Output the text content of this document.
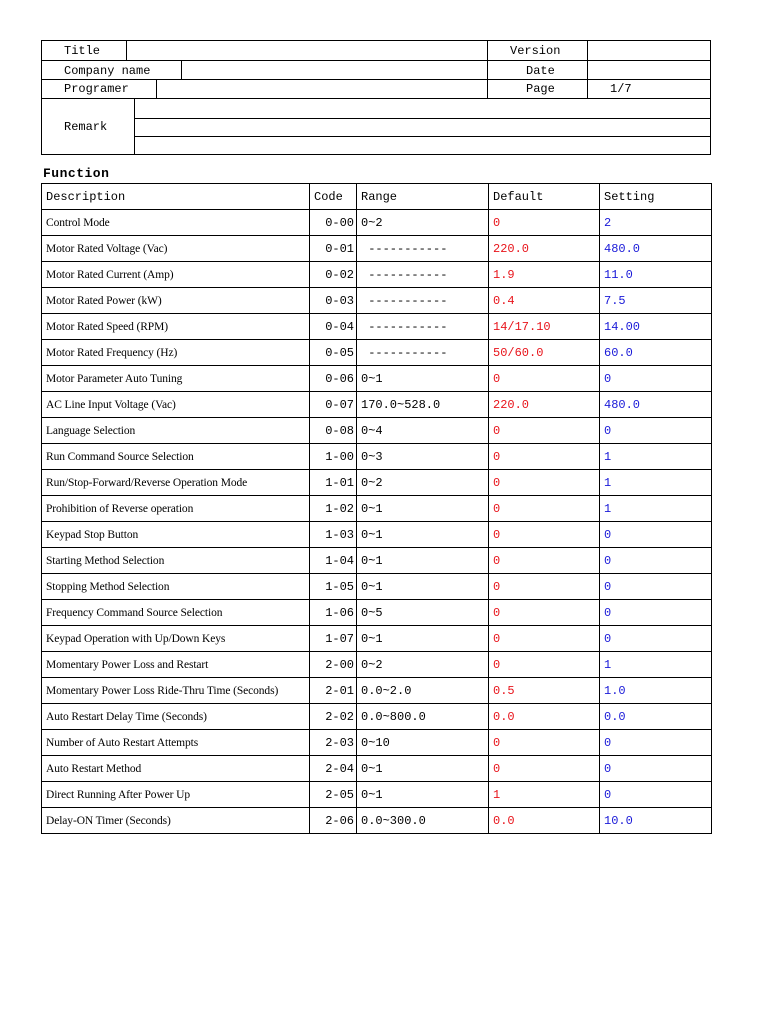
Title	Version
Company name	Date
Programer	Page	1/7
Remark
Function
Description	Code	Range	Default	Setting
Control Mode	0-00	0~2	0	2
Motor Rated Voltage (Vac)	0-01	-----------	220.0	480.0
Motor Rated Current (Amp)	0-02	-----------	1.9	11.0
Motor Rated Power (kW)	0-03	-----------	0.4	7.5
Motor Rated Speed (RPM)	0-04	-----------	14/17.10	14.00
Motor Rated Frequency (Hz)	0-05	-----------	50/60.0	60.0
Motor Parameter Auto Tuning	0-06	0~1	0	0
AC Line Input Voltage (Vac)	0-07	170.0~528.0	220.0	480.0
Language Selection	0-08	0~4	0	0
Run Command Source Selection	1-00	0~3	0	1
Run/Stop-Forward/Reverse Operation Mode	1-01	0~2	0	1
Prohibition of Reverse operation	1-02	0~1	0	1
Keypad Stop Button	1-03	0~1	0	0
Starting Method Selection	1-04	0~1	0	0
Stopping Method Selection	1-05	0~1	0	0
Frequency Command Source Selection	1-06	0~5	0	0
Keypad Operation with Up/Down Keys	1-07	0~1	0	0
Momentary Power Loss and Restart	2-00	0~2	0	1
Momentary Power Loss Ride-Thru Time (Seconds)	2-01	0.0~2.0	0.5	1.0
Auto Restart Delay Time (Seconds)	2-02	0.0~800.0	0.0	0.0
Number of Auto Restart Attempts	2-03	0~10	0	0
Auto Restart Method	2-04	0~1	0	0
Direct Running After Power Up	2-05	0~1	1	0
Delay-ON Timer (Seconds)	2-06	0.0~300.0	0.0	10.0
